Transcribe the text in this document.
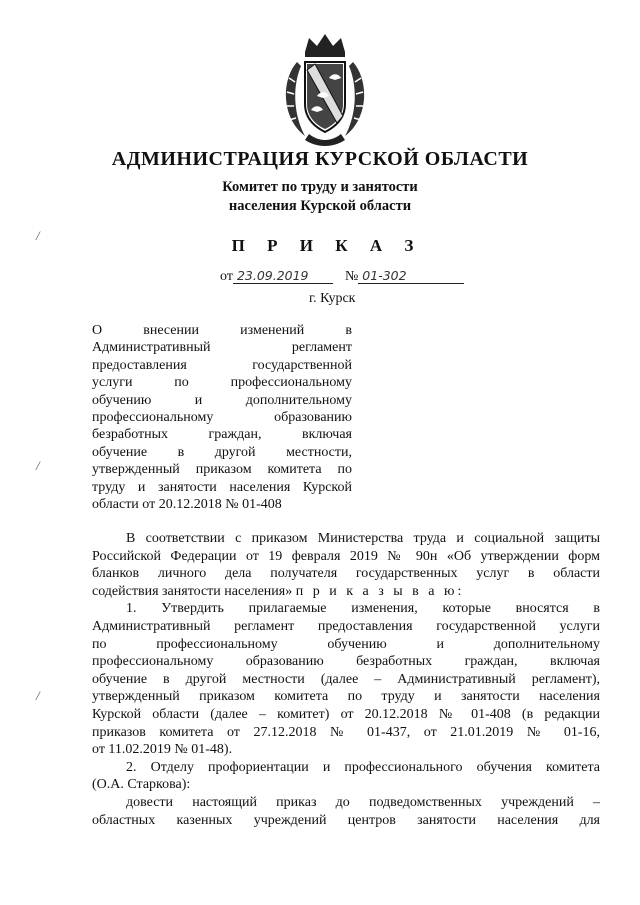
АДМИНИСТРАЦИЯ КУРСКОЙ ОБЛАСТИ
Комитет по труду и занятости
населения Курской области
П Р И К А З
от 23.09.2019	№ 01-302
г. Курск
О внесении изменений в
Административный регламент
предоставления государственной
услуги по профессиональному
обучению и дополнительному
профессиональному образованию
безработных граждан, включая
обучение в другой местности,
утвержденный приказом комитета по
труду и занятости населения Курской
области от 20.12.2018 № 01-408
В соответствии с приказом Министерства труда и социальной защиты
Российской Федерации от 19 февраля 2019 № 90н «Об утверждении форм
бланков личного дела получателя государственных услуг в области
содействия занятости населения» п р и к а з ы в а ю:
1. Утвердить прилагаемые изменения, которые вносятся в
Административный регламент предоставления государственной услуги
по профессиональному обучению и дополнительному
профессиональному образованию безработных граждан, включая
обучение в другой местности (далее – Административный регламент),
утвержденный приказом комитета по труду и занятости населения
Курской области (далее – комитет) от 20.12.2018 № 01-408 (в редакции
приказов комитета от 27.12.2018 № 01-437, от 21.01.2019 № 01-16,
от 11.02.2019 № 01-48).
2. Отделу профориентации и профессионального обучения комитета
(О.А. Старкова):
довести настоящий приказ до подведомственных учреждений –
областных казенных учреждений центров занятости населения для
/
/
/
